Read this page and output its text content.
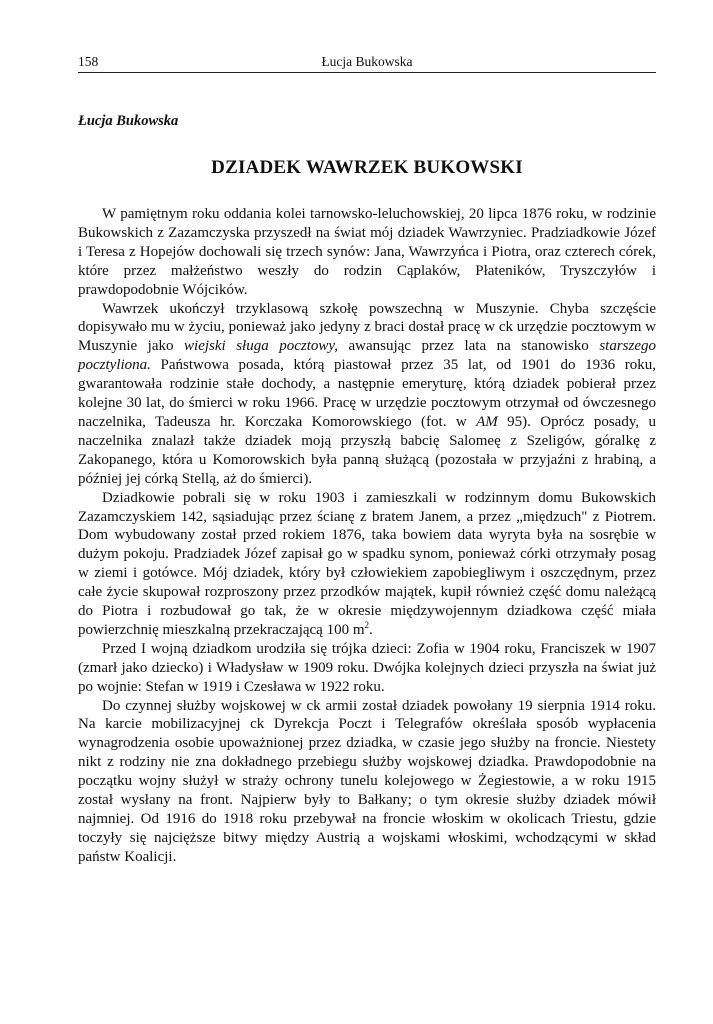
158	Łucja Bukowska
Łucja Bukowska
DZIADEK WAWRZEK BUKOWSKI

W pamiętnym roku oddania kolei tarnowsko-leluchowskiej, 20 lipca 1876 roku, w rodzinie Bukowskich z Zazamczyska przyszedł na świat mój dziadek Wawrzyniec. Pradziadkowie Józef i Teresa z Hopejów dochowali się trzech synów: Jana, Wawrzyńca i Piotra, oraz czterech córek, które przez małżeństwo weszły do rodzin Cąplaków, Płateników, Tryszczyłów i prawdopodobnie Wójcików.

Wawrzek ukończył trzyklasową szkołę powszechną w Muszynie. Chyba szczęście dopisywało mu w życiu, ponieważ jako jedyny z braci dostał pracę w ck urzędzie pocztowym w Muszynie jako wiejski sługa pocztowy, awansując przez lata na stanowisko starszego pocztyliona. Państwowa posada, którą piastował przez 35 lat, od 1901 do 1936 roku, gwarantowała rodzinie stałe dochody, a następnie emeryturę, którą dziadek pobierał przez kolejne 30 lat, do śmierci w roku 1966. Pracę w urzędzie pocztowym otrzymał od ówczesnego naczelnika, Tadeusza hr. Korczaka Komorowskiego (fot. w AM 95). Oprócz posady, u naczelnika znalazł także dziadek moją przyszłą babcię Salomeę z Szeligów, góralkę z Zakopanego, która u Komorowskich była panną służącą (pozostała w przyjaźni z hrabiną, a później jej córką Stellą, aż do śmierci).

Dziadkowie pobrali się w roku 1903 i zamieszkali w rodzinnym domu Bukowskich Zazamczyskiem 142, sąsiadując przez ścianę z bratem Janem, a przez „międzuch" z Piotrem. Dom wybudowany został przed rokiem 1876, taka bowiem data wyryta była na sosrębie w dużym pokoju. Pradziadek Józef zapisał go w spadku synom, ponieważ córki otrzymały posag w ziemi i gotówce. Mój dziadek, który był człowiekiem zapobiegliwym i oszczędnym, przez całe życie skupował rozproszony przez przodków majątek, kupił również część domu należącą do Piotra i rozbudował go tak, że w okresie międzywojennym dziadkowa część miała powierzchnię mieszkalną przekraczającą 100 $m^2$.

Przed I wojną dziadkom urodziła się trójka dzieci: Zofia w 1904 roku, Franciszek w 1907 (zmarł jako dziecko) i Władysław w 1909 roku. Dwójka kolejnych dzieci przyszła na świat już po wojnie: Stefan w 1919 i Czesława w 1922 roku.

Do czynnej służby wojskowej w ck armii został dziadek powołany 19 sierpnia 1914 roku. Na karcie mobilizacyjnej ck Dyrekcja Poczt i Telegrafów określała sposób wypłacenia wynagrodzenia osobie upoważnionej przez dziadka, w czasie jego służby na froncie. Niestety nikt z rodziny nie zna dokładnego przebiegu służby wojskowej dziadka. Prawdopodobnie na początku wojny służył w straży ochrony tunelu kolejowego w Żegiestowie, a w roku 1915 został wysłany na front. Najpierw były to Bałkany; o tym okresie służby dziadek mówił najmniej. Od 1916 do 1918 roku przebywał na froncie włoskim w okolicach Triestu, gdzie toczyły się najcięższe bitwy między Austrią a wojskami włoskimi, wchodzącymi w skład państw Koalicji.
